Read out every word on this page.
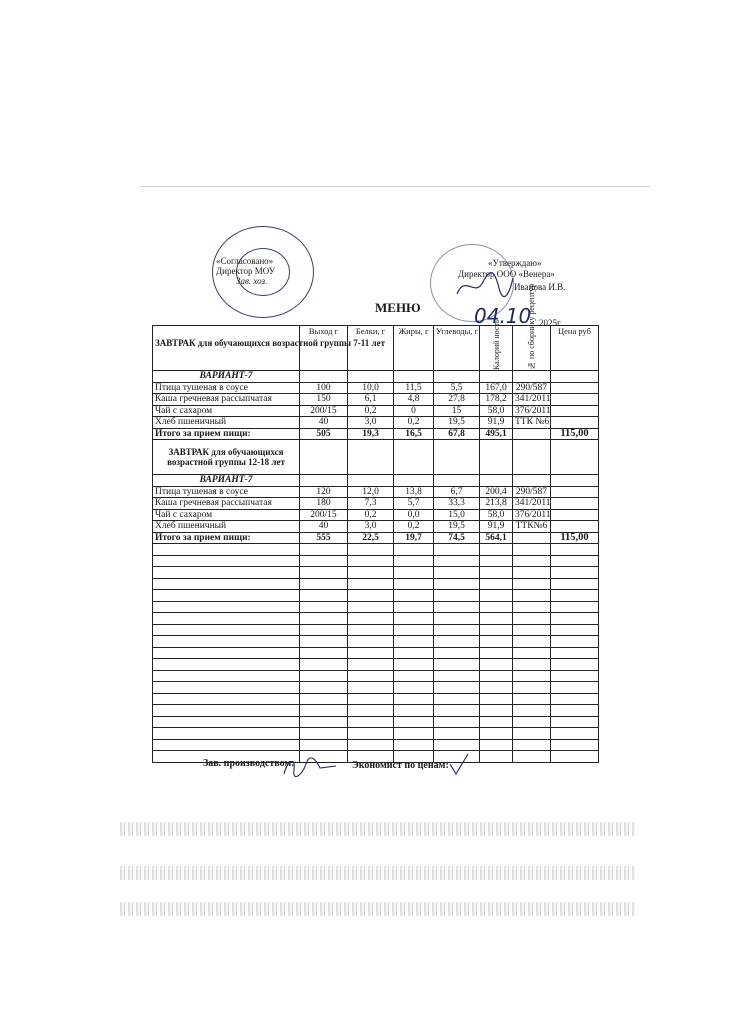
«Согласовано»
Директор МОУ
Зав. хоз.
«Утверждаю»
Директор ООО «Венера»
Иванова И.В.
МЕНЮ	04.10 2025г.
ЗАВТРАК для обучающихся возрастной группы 7-11 лет	Выход г	Белки, г	Жиры, г	Углеводы, г	Калорий ность	№ по сборнику рецептур	Цена руб
ВАРИАНТ-7							
Птица тушеная в соусе	100	10,0	11,5	5,5	167,0	290/587	
Каша гречневая рассыпчатая	150	6,1	4,8	27,8	178,2	341/2011	
Чай с сахаром	200/15	0,2	0	15	58,0	376/2011	
Хлеб пшеничный	40	3,0	0,2	19,5	91,9	ТТК №6	
Итого за прием пищи:	505	19,3	16,5	67,8	495,1		115,00
ЗАВТРАК для обучающихся возрастной группы 12-18 лет							
ВАРИАНТ-7							
Птица тушеная в соусе	120	12,0	13,8	6,7	200,4	290/587	
Каша гречневая рассыпчатая	180	7,3	5,7	33,3	213,8	341/2011	
Чай с сахаром	200/15	0,2	0,0	15,0	58,0	376/2011	
Хлеб пшеничный	40	3,0	0,2	19,5	91,9	ТТК№6	
Итого за прием пищи:	555	22,5	19,7	74,5	564,1		115,00

Зав. производством:	Экономист по ценам:
